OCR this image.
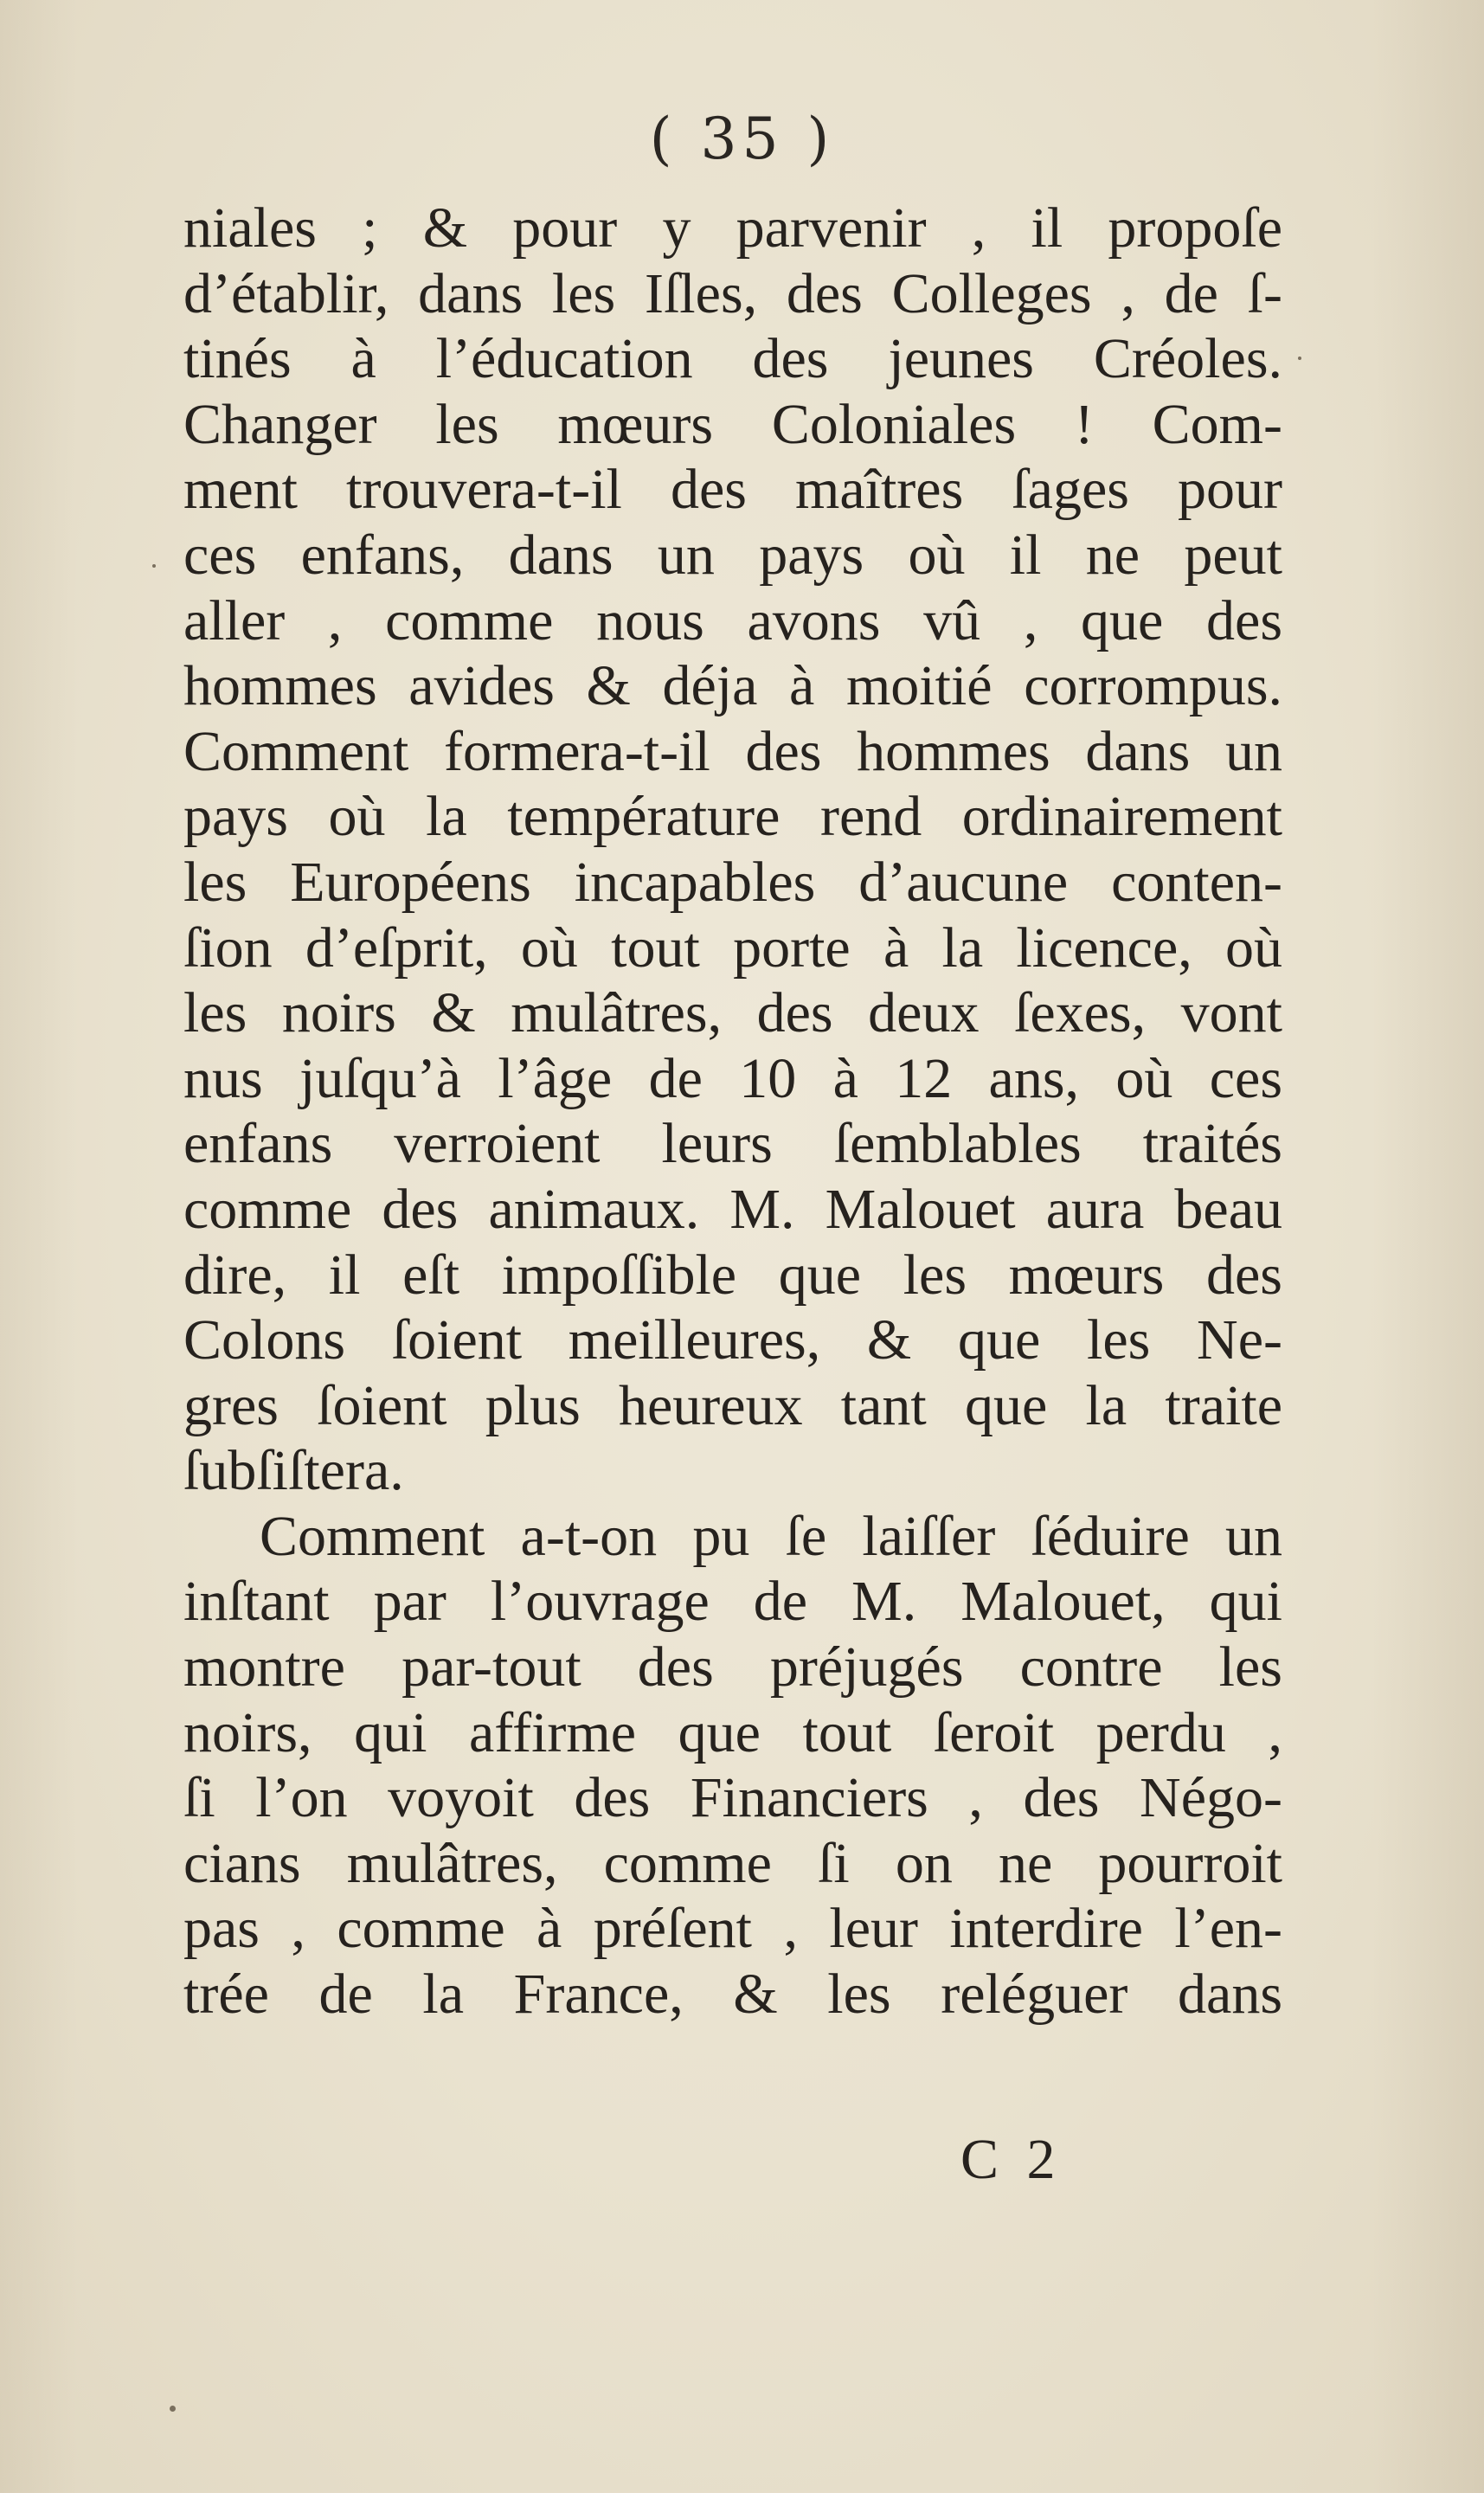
( 35 )
niales ; & pour y parvenir , il propoſe
d’établir, dans les Iſles, des Colleges , de ſ-
tinés à l’éducation des jeunes Créoles.
Changer les mœurs Coloniales ! Com-
ment trouvera-t-il des maîtres ſages pour
ces enfans, dans un pays où il ne peut
aller , comme nous avons vû , que des
hommes avides & déja à moitié corrompus.
Comment formera-t-il des hommes dans un
pays où la température rend ordinairement
les Européens incapables d’aucune conten-
ſion d’eſprit, où tout porte à la licence, où
les noirs & mulâtres, des deux ſexes, vont
nus juſqu’à l’âge de 10 à 12 ans, où ces
enfans verroient leurs ſemblables traités
comme des animaux. M. Malouet aura beau
dire, il eſt impoſſible que les mœurs des
Colons ſoient meilleures, & que les Ne-
gres ſoient plus heureux tant que la traite
ſubſiſtera.
Comment a-t-on pu ſe laiſſer ſéduire un
inſtant par l’ouvrage de M. Malouet, qui
montre par-tout des préjugés contre les
noirs, qui affirme que tout ſeroit perdu ,
ſi l’on voyoit des Financiers , des Négo-
cians mulâtres, comme ſi on ne pourroit
pas , comme à préſent , leur interdire l’en-
trée de la France, & les reléguer dans
C 2
